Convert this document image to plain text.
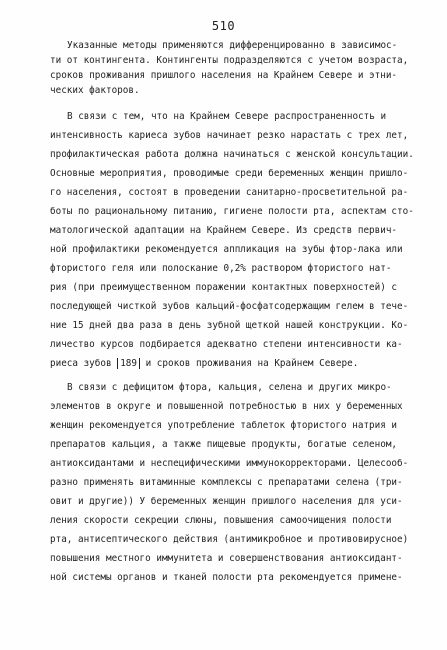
510
Указанные методы применяются дифференцированно в зависимос-
ти от контингента. Контингенты подразделяются с учетом возраста,
сроков проживания пришлого населения на Крайнем Севере и этни-
ческих факторов.
В связи с тем, что на Крайнем Севере распространенность и
интенсивность кариеса зубов начинает резко нарастать с трех лет,
профилактическая работа должна начинаться с женской консультации.
Основные мероприятия, проводимые среди беременных женщин пришло-
го населения, состоят в проведении санитарно-просветительной ра-
боты по рациональному питанию, гигиене полости рта, аспектам сто-
матологической адаптации на Крайнем Севере. Из средств первич-
ной профилактики рекомендуется аппликация на зубы фтор-лака или
фтористого геля или полоскание 0,2% раствором фтористого нат-
рия (при преимущественном поражении контактных поверхностей) с
последующей чисткой зубов кальций-фосфатсодержащим гелем в тече-
ние 15 дней два раза в день зубной щеткой нашей конструкции. Ко-
личество курсов подбирается адекватно степени интенсивности ка-
риеса зубов 189 и сроков проживания на Крайнем Севере.
В связи с дефицитом фтора, кальция, селена и других микро-
элементов в округе и повышенной потребностью в них у беременных
женщин рекомендуется употребление таблеток фтористого натрия и
препаратов кальция, а также пищевые продукты, богатые селеном,
антиоксидантами и неспецифическими иммунокорректорами. Целесооб-
разно применять витаминные комплексы с препаратами селена (три-
овит и другие)) У беременных женщин пришлого населения для уси-
ления скорости секреции слюны, повышения самоочищения полости
рта, антисептического действия (антимикробное и противовирусное)
повышения местного иммунитета и совершенствования антиоксидант-
ной системы органов и тканей полости рта рекомендуется примене-
